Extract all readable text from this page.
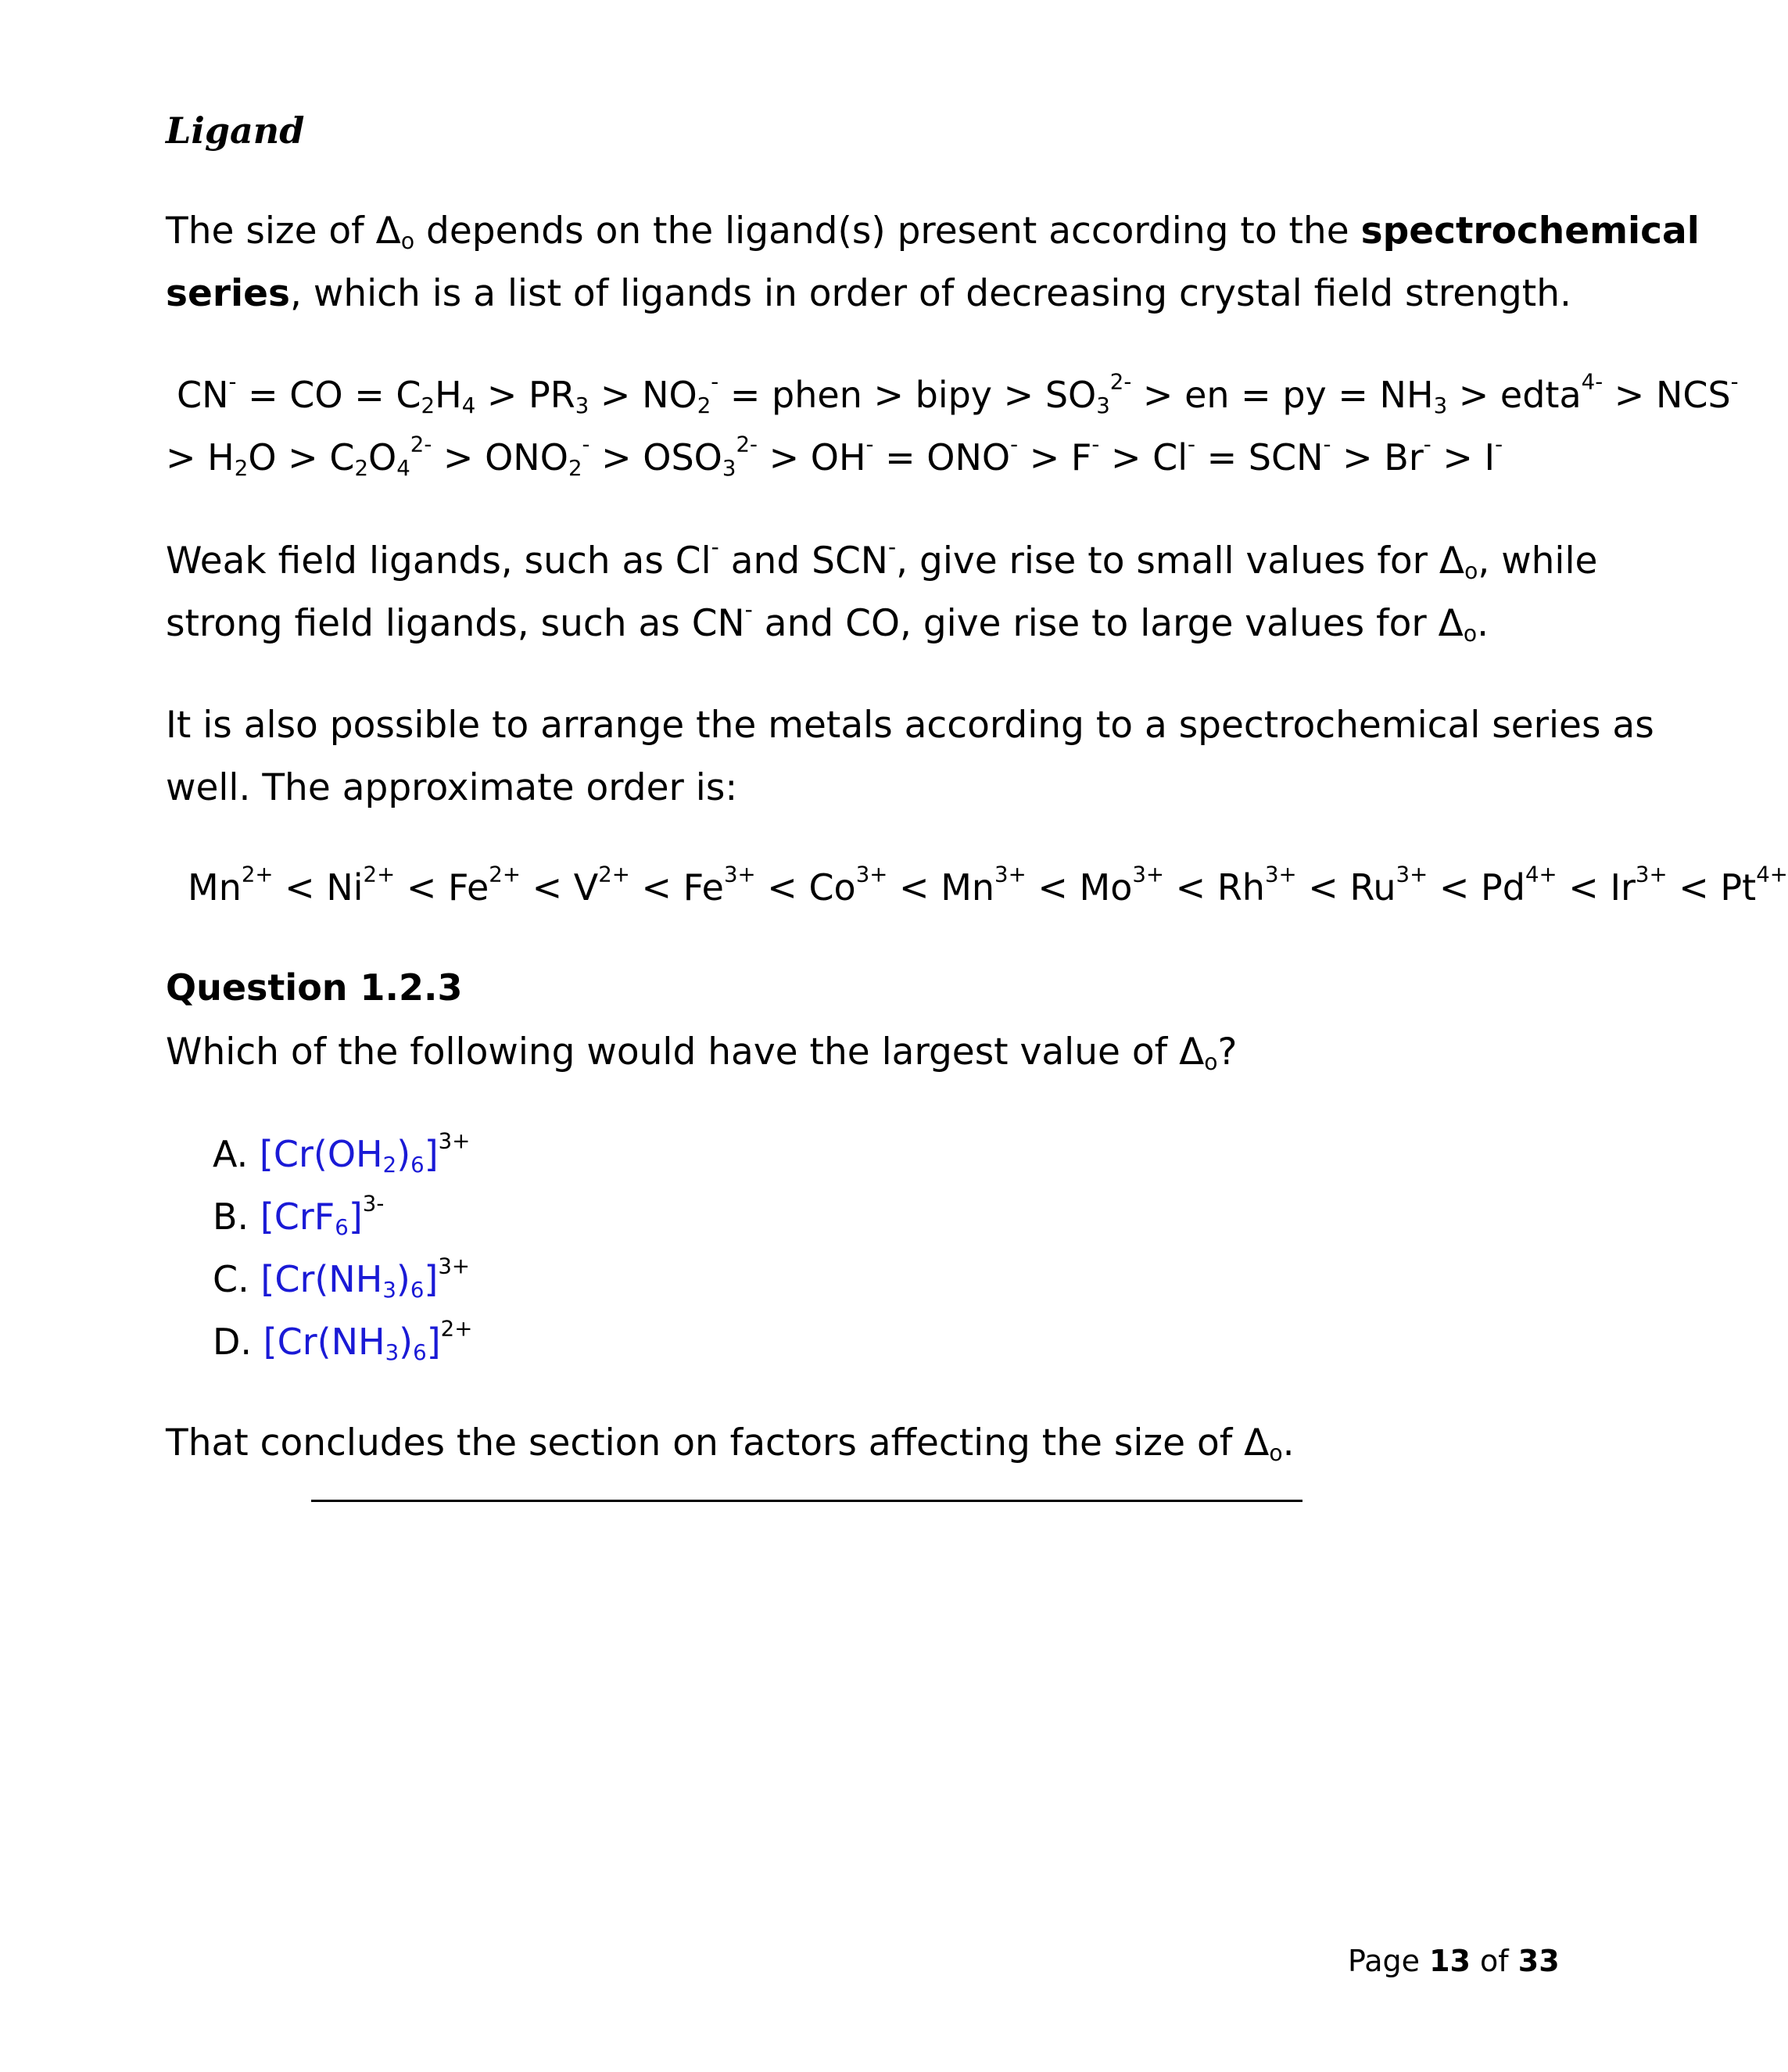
Ligand
The size of $\Delta_o$ depends on the ligand(s) present according to the spectrochemical
series, which is a list of ligands in order of decreasing crystal field strength.
CN- = CO = $C_2H_4 > PR_3 > NO_2^-$ = phen > bipy > $SO_3^{2-}$ > en = py = $NH_3$ > edta$^{4-}$ > NCS-
> $H_2O > C_2O_4^{2-} > ONO_2^- > OSO_3^{2-} > OH^- = ONO^- > F^- > Cl^- = SCN^- > Br^- > I^-$
Weak field ligands, such as Cl- and SCN-, give rise to small values for $\Delta_o$, while
strong field ligands, such as CN- and CO, give rise to large values for $\Delta_o$.
It is also possible to arrange the metals according to a spectrochemical series as
well. The approximate order is:
$Mn^{2+} < Ni^{2+} < Fe^{2+} < V^{2+} < Fe^{3+} < Co^{3+} < Mn^{3+} < Mo^{3+} < Rh^{3+} < Ru^{3+} < Pd^{4+} < Ir^{3+} < Pt^{4+}$
Question 1.2.3
Which of the following would have the largest value of $\Delta_o$?
A. $[Cr(OH_2)_6]^{3+}$
B. $[CrF_6]^{3-}$
C. $[Cr(NH_3)_6]^{3+}$
D. $[Cr(NH_3)_6]^{2+}$
That concludes the section on factors affecting the size of $\Delta_o$.
Page 13 of 33
